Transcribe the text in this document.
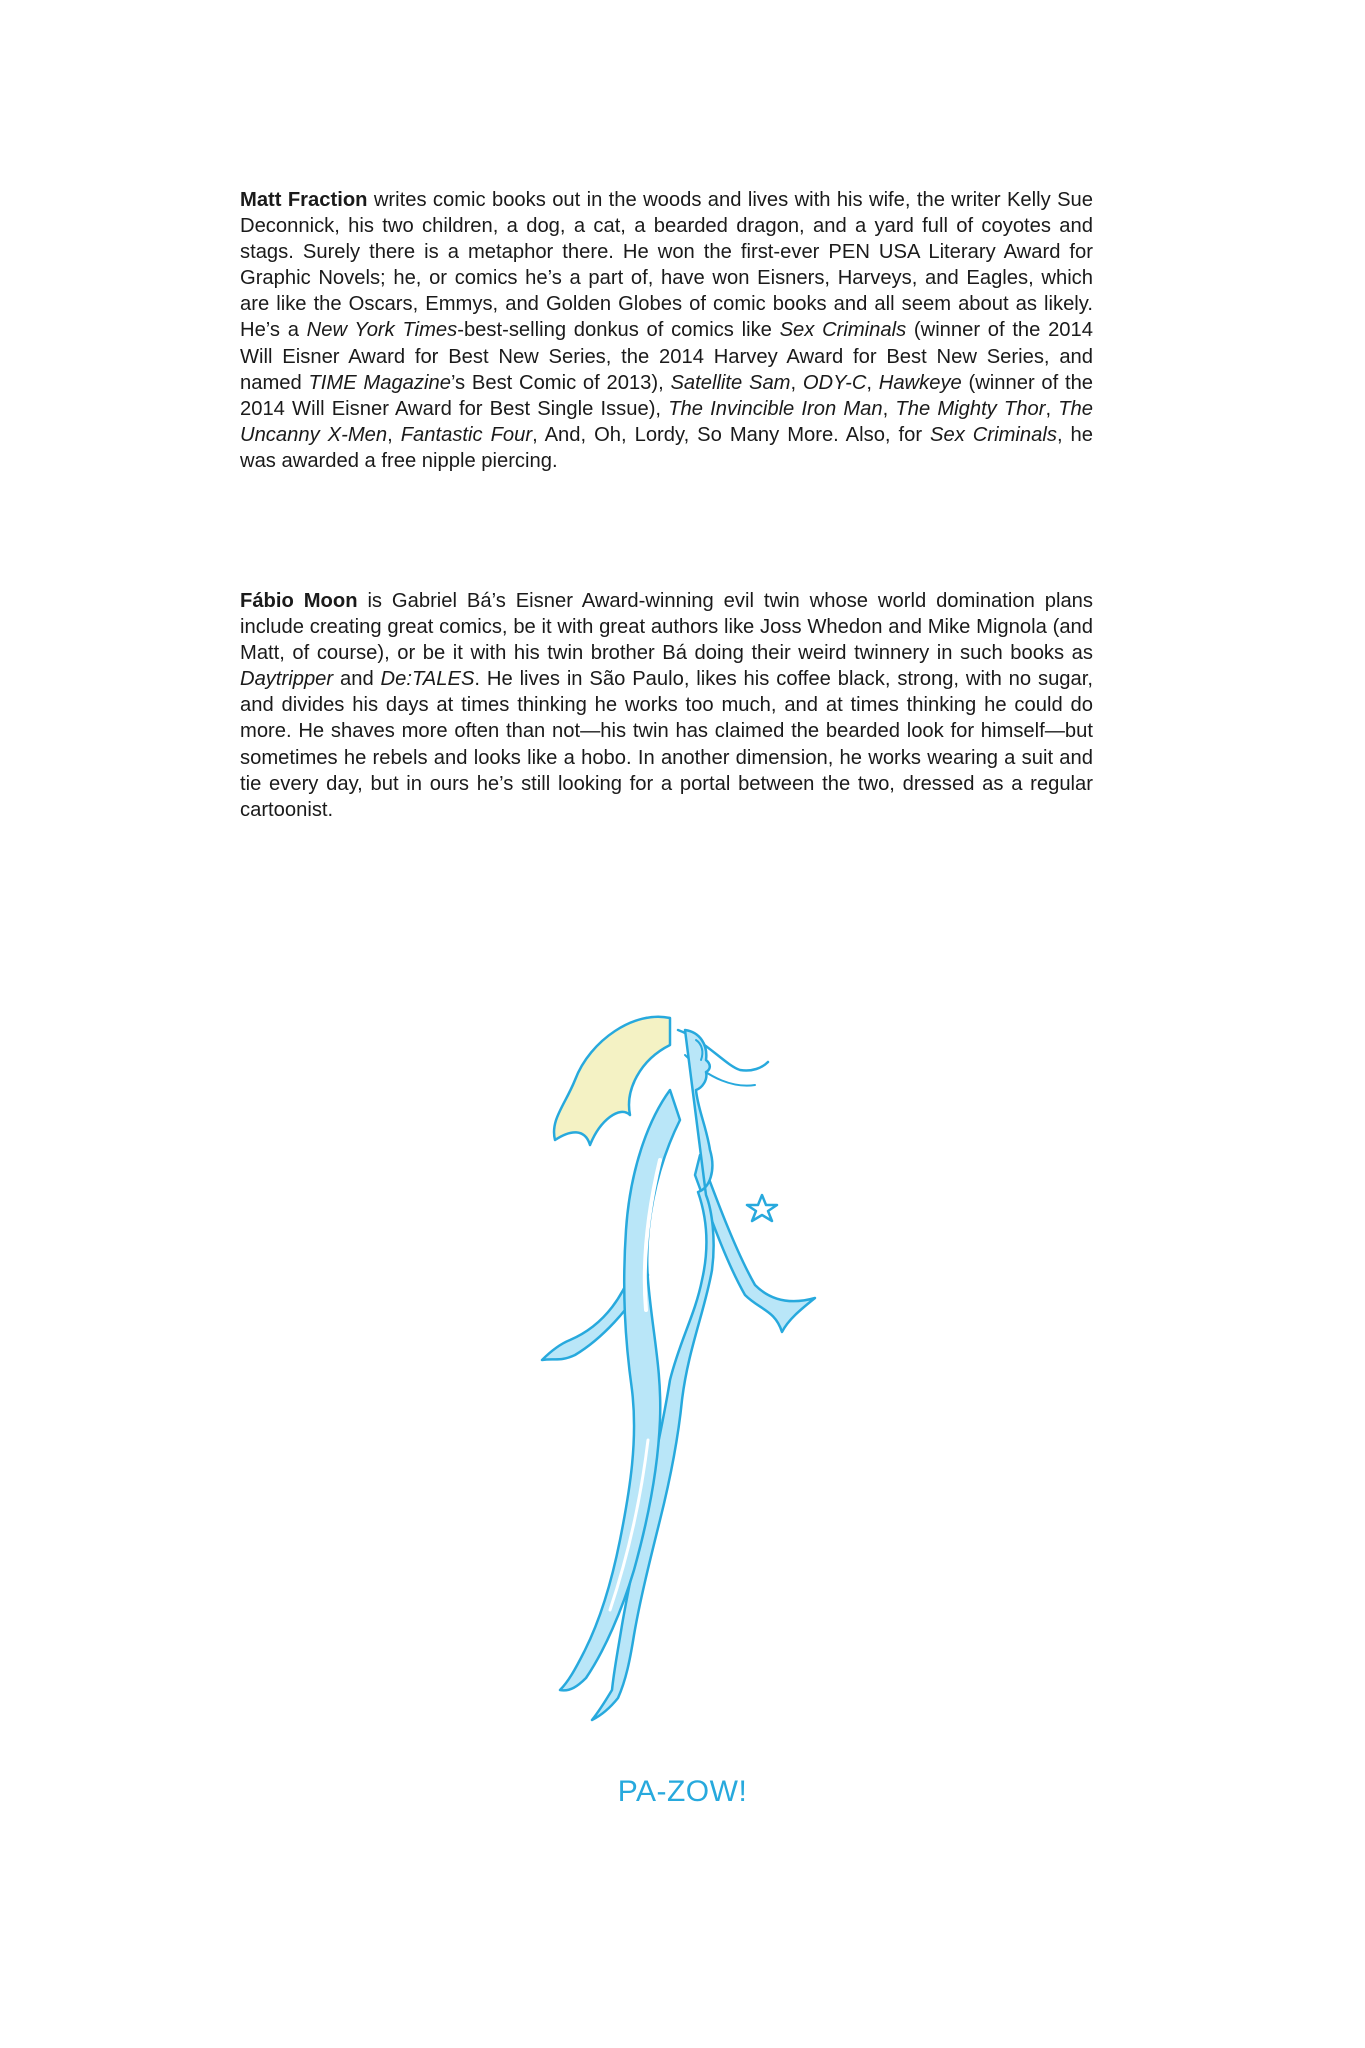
Matt Fraction writes comic books out in the woods and lives with his wife, the writer Kelly Sue Deconnick, his two children, a dog, a cat, a bearded dragon, and a yard full of coyotes and stags. Surely there is a metaphor there. He won the first-ever PEN USA Literary Award for Graphic Novels; he, or comics he’s a part of, have won Eisners, Harveys, and Eagles, which are like the Oscars, Emmys, and Golden Globes of comic books and all seem about as likely. He’s a New York Times-best-selling donkus of comics like Sex Criminals (winner of the 2014 Will Eisner Award for Best New Series, the 2014 Harvey Award for Best New Series, and named TIME Magazine’s Best Comic of 2013), Satellite Sam, ODY-C, Hawkeye (winner of the 2014 Will Eisner Award for Best Single Issue), The Invincible Iron Man, The Mighty Thor, The Uncanny X-Men, Fantastic Four, And, Oh, Lordy, So Many More. Also, for Sex Criminals, he was awarded a free nipple piercing.

Fábio Moon is Gabriel Bá’s Eisner Award-winning evil twin whose world domination plans include creating great comics, be it with great authors like Joss Whedon and Mike Mignola (and Matt, of course), or be it with his twin brother Bá doing their weird twinnery in such books as Daytripper and De:TALES. He lives in São Paulo, likes his coffee black, strong, with no sugar, and divides his days at times thinking he works too much, and at times thinking he could do more. He shaves more often than not—his twin has claimed the bearded look for himself—but sometimes he rebels and looks like a hobo. In another dimension, he works wearing a suit and tie every day, but in ours he’s still looking for a portal between the two, dressed as a regular cartoonist.

PA-ZOW!
